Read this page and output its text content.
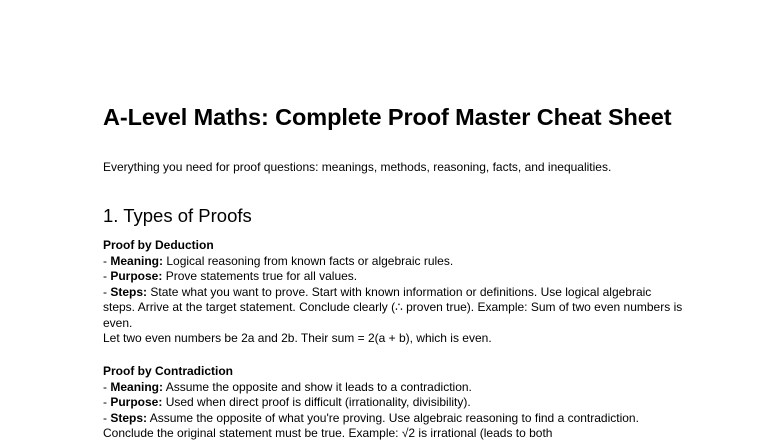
A-Level Maths: Complete Proof Master Cheat Sheet

Everything you need for proof questions: meanings, methods, reasoning, facts, and inequalities.

1. Types of Proofs

Proof by Deduction

- Meaning: Logical reasoning from known facts or algebraic rules.

- Purpose: Prove statements true for all values.

- Steps: State what you want to prove. Start with known information or definitions. Use logical algebraic steps. Arrive at the target statement. Conclude clearly (∴ proven true). Example: Sum of two even numbers is even.

Let two even numbers be 2a and 2b. Their sum = 2(a + b), which is even.

Proof by Contradiction

- Meaning: Assume the opposite and show it leads to a contradiction.

- Purpose: Used when direct proof is difficult (irrationality, divisibility).

- Steps: Assume the opposite of what you're proving. Use algebraic reasoning to find a contradiction. Conclude the original statement must be true. Example: √2 is irrational (leads to both
